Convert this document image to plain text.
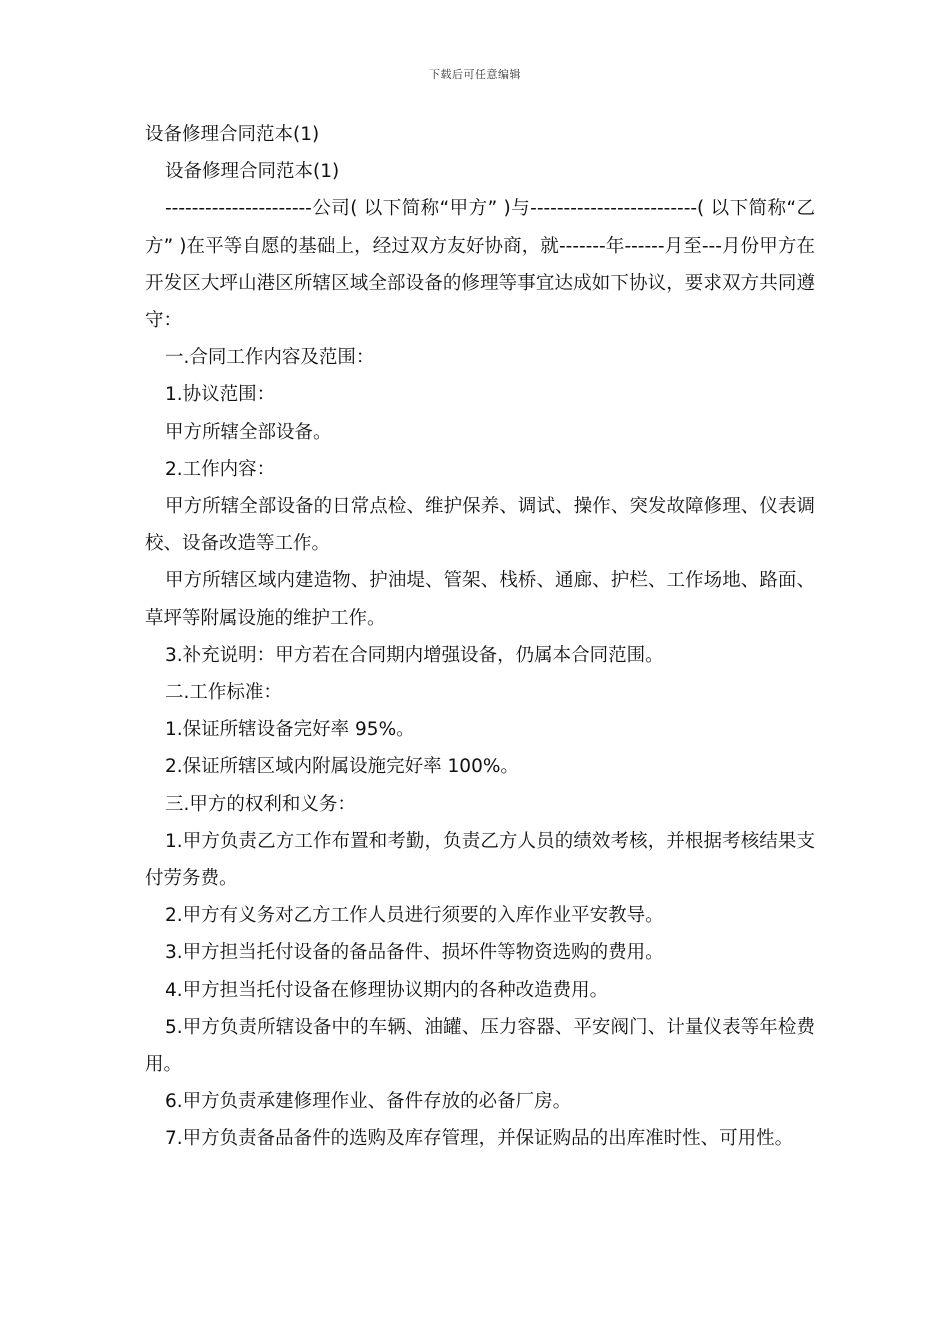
下载后可任意编辑

设备修理合同范本(1)

设备修理合同范本(1)

----------------------公司( 以下简称“甲方” )与-------------------------( 以下简称“乙方” )在平等自愿的基础上，经过双方友好协商，就-------年------月至---月份甲方在开发区大坪山港区所辖区域全部设备的修理等事宜达成如下协议，要求双方共同遵守：

一.合同工作内容及范围：

1.协议范围：

甲方所辖全部设备。

2.工作内容：

甲方所辖全部设备的日常点检、维护保养、调试、操作、突发故障修理、仪表调校、设备改造等工作。

甲方所辖区域内建造物、护油堤、管架、栈桥、通廊、护栏、工作场地、路面、草坪等附属设施的维护工作。

3.补充说明：甲方若在合同期内增强设备，仍属本合同范围。

二.工作标准：

1.保证所辖设备完好率 95%。

2.保证所辖区域内附属设施完好率 100%。

三.甲方的权利和义务：

1.甲方负责乙方工作布置和考勤，负责乙方人员的绩效考核，并根据考核结果支付劳务费。

2.甲方有义务对乙方工作人员进行须要的入库作业平安教导。

3.甲方担当托付设备的备品备件、损坏件等物资选购的费用。

4.甲方担当托付设备在修理协议期内的各种改造费用。

5.甲方负责所辖设备中的车辆、油罐、压力容器、平安阀门、计量仪表等年检费用。

6.甲方负责承建修理作业、备件存放的必备厂房。

7.甲方负责备品备件的选购及库存管理，并保证购品的出库准时性、可用性。
